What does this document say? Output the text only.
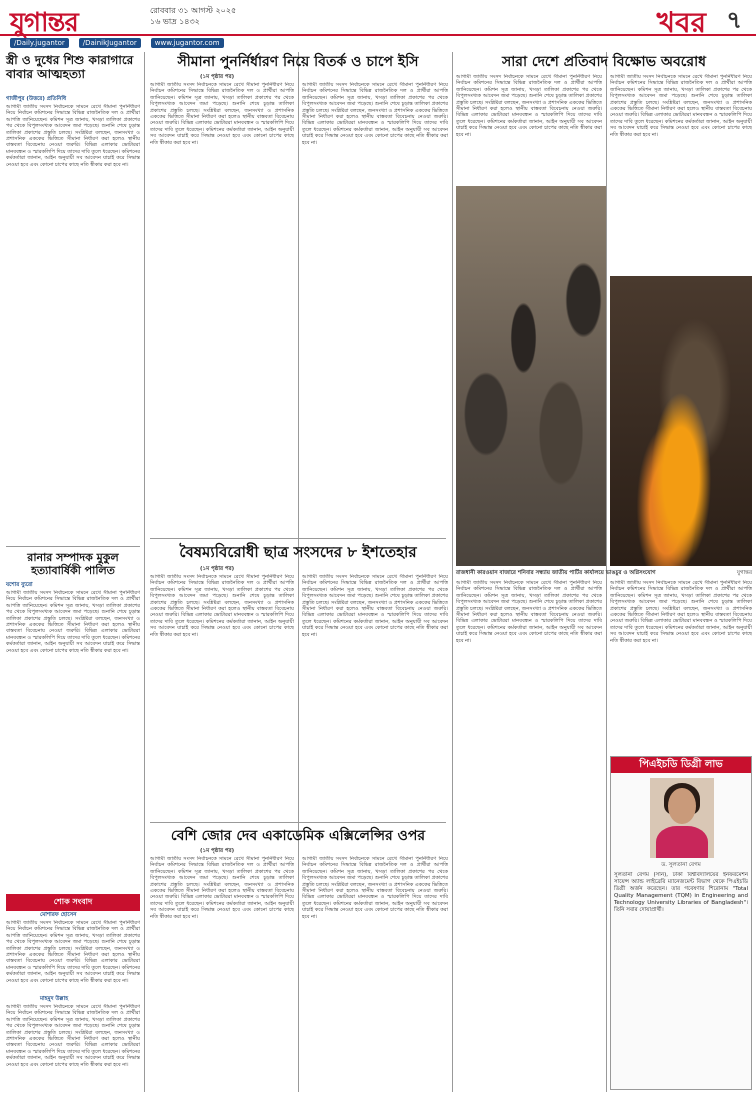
যুগান্তর	রোববার ৩১ আগস্ট ২০২৫
১৬ ভাদ্র ১৪৩২	খবর ৭
/Daily.jugantor	/DainikJugantor	www.jugantor.com
স্ত্রী ও দুধের শিশু কারাগারে বাবার আত্মহত্যা
গাজীপুর (উত্তরে) প্রতিনিধি
আগামী জাতীয় সংসদ নির্বাচনকে সামনে রেখে সীমানা পুনর্নির্ধারণ নিয়ে নির্বাচন কমিশনের সিদ্ধান্তে বিভিন্ন রাজনৈতিক দল ও প্রার্থীরা আপত্তি জানিয়েছেন। কমিশন সূত্র জানায়, খসড়া তালিকা প্রকাশের পর থেকে বিপুলসংখ্যক আবেদন জমা পড়েছে। শুনানি শেষে চূড়ান্ত তালিকা প্রকাশের প্রস্তুতি চলছে। সংশ্লিষ্টরা বলছেন, জনসংখ্যা ও প্রশাসনিক এককের ভিত্তিতে সীমানা নির্ধারণ করা হলেও স্থানীয় বাস্তবতা বিবেচনায় নেওয়া জরুরি। বিভিন্ন এলাকার ভোটাররা মানববন্ধন ও স্মারকলিপি দিয়ে তাদের দাবি তুলে ধরেছেন। কমিশনের কর্মকর্তারা জানান, আইন অনুযায়ী সব আবেদন যাচাই করে সিদ্ধান্ত নেওয়া হবে এবং কোনো চাপের কাছে নতি স্বীকার করা হবে না।
রানার সম্পাদক মুকুল হত্যাবার্ষিকী পালিত
যশোর ব্যুরো
আগামী জাতীয় সংসদ নির্বাচনকে সামনে রেখে সীমানা পুনর্নির্ধারণ নিয়ে নির্বাচন কমিশনের সিদ্ধান্তে বিভিন্ন রাজনৈতিক দল ও প্রার্থীরা আপত্তি জানিয়েছেন। কমিশন সূত্র জানায়, খসড়া তালিকা প্রকাশের পর থেকে বিপুলসংখ্যক আবেদন জমা পড়েছে। শুনানি শেষে চূড়ান্ত তালিকা প্রকাশের প্রস্তুতি চলছে। সংশ্লিষ্টরা বলছেন, জনসংখ্যা ও প্রশাসনিক এককের ভিত্তিতে সীমানা নির্ধারণ করা হলেও স্থানীয় বাস্তবতা বিবেচনায় নেওয়া জরুরি। বিভিন্ন এলাকার ভোটাররা মানববন্ধন ও স্মারকলিপি দিয়ে তাদের দাবি তুলে ধরেছেন। কমিশনের কর্মকর্তারা জানান, আইন অনুযায়ী সব আবেদন যাচাই করে সিদ্ধান্ত নেওয়া হবে এবং কোনো চাপের কাছে নতি স্বীকার করা হবে না।
শোক সংবাদ
মোশারফ হোসেন
আগামী জাতীয় সংসদ নির্বাচনকে সামনে রেখে সীমানা পুনর্নির্ধারণ নিয়ে নির্বাচন কমিশনের সিদ্ধান্তে বিভিন্ন রাজনৈতিক দল ও প্রার্থীরা আপত্তি জানিয়েছেন। কমিশন সূত্র জানায়, খসড়া তালিকা প্রকাশের পর থেকে বিপুলসংখ্যক আবেদন জমা পড়েছে। শুনানি শেষে চূড়ান্ত তালিকা প্রকাশের প্রস্তুতি চলছে। সংশ্লিষ্টরা বলছেন, জনসংখ্যা ও প্রশাসনিক এককের ভিত্তিতে সীমানা নির্ধারণ করা হলেও স্থানীয় বাস্তবতা বিবেচনায় নেওয়া জরুরি। বিভিন্ন এলাকার ভোটাররা মানববন্ধন ও স্মারকলিপি দিয়ে তাদের দাবি তুলে ধরেছেন। কমিশনের কর্মকর্তারা জানান, আইন অনুযায়ী সব আবেদন যাচাই করে সিদ্ধান্ত নেওয়া হবে এবং কোনো চাপের কাছে নতি স্বীকার করা হবে না।
মাহমুদ উল্লাহ
আগামী জাতীয় সংসদ নির্বাচনকে সামনে রেখে সীমানা পুনর্নির্ধারণ নিয়ে নির্বাচন কমিশনের সিদ্ধান্তে বিভিন্ন রাজনৈতিক দল ও প্রার্থীরা আপত্তি জানিয়েছেন। কমিশন সূত্র জানায়, খসড়া তালিকা প্রকাশের পর থেকে বিপুলসংখ্যক আবেদন জমা পড়েছে। শুনানি শেষে চূড়ান্ত তালিকা প্রকাশের প্রস্তুতি চলছে। সংশ্লিষ্টরা বলছেন, জনসংখ্যা ও প্রশাসনিক এককের ভিত্তিতে সীমানা নির্ধারণ করা হলেও স্থানীয় বাস্তবতা বিবেচনায় নেওয়া জরুরি। বিভিন্ন এলাকার ভোটাররা মানববন্ধন ও স্মারকলিপি দিয়ে তাদের দাবি তুলে ধরেছেন। কমিশনের কর্মকর্তারা জানান, আইন অনুযায়ী সব আবেদন যাচাই করে সিদ্ধান্ত নেওয়া হবে এবং কোনো চাপের কাছে নতি স্বীকার করা হবে না।
সীমানা পুনর্নির্ধারণ নিয়ে বিতর্ক ও চাপে ইসি
(১ম পৃষ্ঠার পর)
আগামী জাতীয় সংসদ নির্বাচনকে সামনে রেখে সীমানা পুনর্নির্ধারণ নিয়ে নির্বাচন কমিশনের সিদ্ধান্তে বিভিন্ন রাজনৈতিক দল ও প্রার্থীরা আপত্তি জানিয়েছেন। কমিশন সূত্র জানায়, খসড়া তালিকা প্রকাশের পর থেকে বিপুলসংখ্যক আবেদন জমা পড়েছে। শুনানি শেষে চূড়ান্ত তালিকা প্রকাশের প্রস্তুতি চলছে। সংশ্লিষ্টরা বলছেন, জনসংখ্যা ও প্রশাসনিক এককের ভিত্তিতে সীমানা নির্ধারণ করা হলেও স্থানীয় বাস্তবতা বিবেচনায় নেওয়া জরুরি। বিভিন্ন এলাকার ভোটাররা মানববন্ধন ও স্মারকলিপি দিয়ে তাদের দাবি তুলে ধরেছেন। কমিশনের কর্মকর্তারা জানান, আইন অনুযায়ী সব আবেদন যাচাই করে সিদ্ধান্ত নেওয়া হবে এবং কোনো চাপের কাছে নতি স্বীকার করা হবে না।
আগামী জাতীয় সংসদ নির্বাচনকে সামনে রেখে সীমানা পুনর্নির্ধারণ নিয়ে নির্বাচন কমিশনের সিদ্ধান্তে বিভিন্ন রাজনৈতিক দল ও প্রার্থীরা আপত্তি জানিয়েছেন। কমিশন সূত্র জানায়, খসড়া তালিকা প্রকাশের পর থেকে বিপুলসংখ্যক আবেদন জমা পড়েছে। শুনানি শেষে চূড়ান্ত তালিকা প্রকাশের প্রস্তুতি চলছে। সংশ্লিষ্টরা বলছেন, জনসংখ্যা ও প্রশাসনিক এককের ভিত্তিতে সীমানা নির্ধারণ করা হলেও স্থানীয় বাস্তবতা বিবেচনায় নেওয়া জরুরি। বিভিন্ন এলাকার ভোটাররা মানববন্ধন ও স্মারকলিপি দিয়ে তাদের দাবি তুলে ধরেছেন। কমিশনের কর্মকর্তারা জানান, আইন অনুযায়ী সব আবেদন যাচাই করে সিদ্ধান্ত নেওয়া হবে এবং কোনো চাপের কাছে নতি স্বীকার করা হবে না।
বৈষম্যবিরোধী ছাত্র সংসদের ৮ ইশতেহার
(১ম পৃষ্ঠার পর)
আগামী জাতীয় সংসদ নির্বাচনকে সামনে রেখে সীমানা পুনর্নির্ধারণ নিয়ে নির্বাচন কমিশনের সিদ্ধান্তে বিভিন্ন রাজনৈতিক দল ও প্রার্থীরা আপত্তি জানিয়েছেন। কমিশন সূত্র জানায়, খসড়া তালিকা প্রকাশের পর থেকে বিপুলসংখ্যক আবেদন জমা পড়েছে। শুনানি শেষে চূড়ান্ত তালিকা প্রকাশের প্রস্তুতি চলছে। সংশ্লিষ্টরা বলছেন, জনসংখ্যা ও প্রশাসনিক এককের ভিত্তিতে সীমানা নির্ধারণ করা হলেও স্থানীয় বাস্তবতা বিবেচনায় নেওয়া জরুরি। বিভিন্ন এলাকার ভোটাররা মানববন্ধন ও স্মারকলিপি দিয়ে তাদের দাবি তুলে ধরেছেন। কমিশনের কর্মকর্তারা জানান, আইন অনুযায়ী সব আবেদন যাচাই করে সিদ্ধান্ত নেওয়া হবে এবং কোনো চাপের কাছে নতি স্বীকার করা হবে না।
আগামী জাতীয় সংসদ নির্বাচনকে সামনে রেখে সীমানা পুনর্নির্ধারণ নিয়ে নির্বাচন কমিশনের সিদ্ধান্তে বিভিন্ন রাজনৈতিক দল ও প্রার্থীরা আপত্তি জানিয়েছেন। কমিশন সূত্র জানায়, খসড়া তালিকা প্রকাশের পর থেকে বিপুলসংখ্যক আবেদন জমা পড়েছে। শুনানি শেষে চূড়ান্ত তালিকা প্রকাশের প্রস্তুতি চলছে। সংশ্লিষ্টরা বলছেন, জনসংখ্যা ও প্রশাসনিক এককের ভিত্তিতে সীমানা নির্ধারণ করা হলেও স্থানীয় বাস্তবতা বিবেচনায় নেওয়া জরুরি। বিভিন্ন এলাকার ভোটাররা মানববন্ধন ও স্মারকলিপি দিয়ে তাদের দাবি তুলে ধরেছেন। কমিশনের কর্মকর্তারা জানান, আইন অনুযায়ী সব আবেদন যাচাই করে সিদ্ধান্ত নেওয়া হবে এবং কোনো চাপের কাছে নতি স্বীকার করা হবে না।
বেশি জোর দেব একাডেমিক এক্সিলেন্সির ওপর
(১ম পৃষ্ঠার পর)
আগামী জাতীয় সংসদ নির্বাচনকে সামনে রেখে সীমানা পুনর্নির্ধারণ নিয়ে নির্বাচন কমিশনের সিদ্ধান্তে বিভিন্ন রাজনৈতিক দল ও প্রার্থীরা আপত্তি জানিয়েছেন। কমিশন সূত্র জানায়, খসড়া তালিকা প্রকাশের পর থেকে বিপুলসংখ্যক আবেদন জমা পড়েছে। শুনানি শেষে চূড়ান্ত তালিকা প্রকাশের প্রস্তুতি চলছে। সংশ্লিষ্টরা বলছেন, জনসংখ্যা ও প্রশাসনিক এককের ভিত্তিতে সীমানা নির্ধারণ করা হলেও স্থানীয় বাস্তবতা বিবেচনায় নেওয়া জরুরি। বিভিন্ন এলাকার ভোটাররা মানববন্ধন ও স্মারকলিপি দিয়ে তাদের দাবি তুলে ধরেছেন। কমিশনের কর্মকর্তারা জানান, আইন অনুযায়ী সব আবেদন যাচাই করে সিদ্ধান্ত নেওয়া হবে এবং কোনো চাপের কাছে নতি স্বীকার করা হবে না।
আগামী জাতীয় সংসদ নির্বাচনকে সামনে রেখে সীমানা পুনর্নির্ধারণ নিয়ে নির্বাচন কমিশনের সিদ্ধান্তে বিভিন্ন রাজনৈতিক দল ও প্রার্থীরা আপত্তি জানিয়েছেন। কমিশন সূত্র জানায়, খসড়া তালিকা প্রকাশের পর থেকে বিপুলসংখ্যক আবেদন জমা পড়েছে। শুনানি শেষে চূড়ান্ত তালিকা প্রকাশের প্রস্তুতি চলছে। সংশ্লিষ্টরা বলছেন, জনসংখ্যা ও প্রশাসনিক এককের ভিত্তিতে সীমানা নির্ধারণ করা হলেও স্থানীয় বাস্তবতা বিবেচনায় নেওয়া জরুরি। বিভিন্ন এলাকার ভোটাররা মানববন্ধন ও স্মারকলিপি দিয়ে তাদের দাবি তুলে ধরেছেন। কমিশনের কর্মকর্তারা জানান, আইন অনুযায়ী সব আবেদন যাচাই করে সিদ্ধান্ত নেওয়া হবে এবং কোনো চাপের কাছে নতি স্বীকার করা হবে না।
সারা দেশে প্রতিবাদ বিক্ষোভ অবরোধ
আগামী জাতীয় সংসদ নির্বাচনকে সামনে রেখে সীমানা পুনর্নির্ধারণ নিয়ে নির্বাচন কমিশনের সিদ্ধান্তে বিভিন্ন রাজনৈতিক দল ও প্রার্থীরা আপত্তি জানিয়েছেন। কমিশন সূত্র জানায়, খসড়া তালিকা প্রকাশের পর থেকে বিপুলসংখ্যক আবেদন জমা পড়েছে। শুনানি শেষে চূড়ান্ত তালিকা প্রকাশের প্রস্তুতি চলছে। সংশ্লিষ্টরা বলছেন, জনসংখ্যা ও প্রশাসনিক এককের ভিত্তিতে সীমানা নির্ধারণ করা হলেও স্থানীয় বাস্তবতা বিবেচনায় নেওয়া জরুরি। বিভিন্ন এলাকার ভোটাররা মানববন্ধন ও স্মারকলিপি দিয়ে তাদের দাবি তুলে ধরেছেন। কমিশনের কর্মকর্তারা জানান, আইন অনুযায়ী সব আবেদন যাচাই করে সিদ্ধান্ত নেওয়া হবে এবং কোনো চাপের কাছে নতি স্বীকার করা হবে না।
আগামী জাতীয় সংসদ নির্বাচনকে সামনে রেখে সীমানা পুনর্নির্ধারণ নিয়ে নির্বাচন কমিশনের সিদ্ধান্তে বিভিন্ন রাজনৈতিক দল ও প্রার্থীরা আপত্তি জানিয়েছেন। কমিশন সূত্র জানায়, খসড়া তালিকা প্রকাশের পর থেকে বিপুলসংখ্যক আবেদন জমা পড়েছে। শুনানি শেষে চূড়ান্ত তালিকা প্রকাশের প্রস্তুতি চলছে। সংশ্লিষ্টরা বলছেন, জনসংখ্যা ও প্রশাসনিক এককের ভিত্তিতে সীমানা নির্ধারণ করা হলেও স্থানীয় বাস্তবতা বিবেচনায় নেওয়া জরুরি। বিভিন্ন এলাকার ভোটাররা মানববন্ধন ও স্মারকলিপি দিয়ে তাদের দাবি তুলে ধরেছেন। কমিশনের কর্মকর্তারা জানান, আইন অনুযায়ী সব আবেদন যাচাই করে সিদ্ধান্ত নেওয়া হবে এবং কোনো চাপের কাছে নতি স্বীকার করা হবে না।
রাজধানী কারওয়ান বাজারে শনিবার সন্ধ্যায় জাতীয় পার্টির কার্যালয়ে ভাঙচুর ও অগ্নিসংযোগ	যুগান্তর
আগামী জাতীয় সংসদ নির্বাচনকে সামনে রেখে সীমানা পুনর্নির্ধারণ নিয়ে নির্বাচন কমিশনের সিদ্ধান্তে বিভিন্ন রাজনৈতিক দল ও প্রার্থীরা আপত্তি জানিয়েছেন। কমিশন সূত্র জানায়, খসড়া তালিকা প্রকাশের পর থেকে বিপুলসংখ্যক আবেদন জমা পড়েছে। শুনানি শেষে চূড়ান্ত তালিকা প্রকাশের প্রস্তুতি চলছে। সংশ্লিষ্টরা বলছেন, জনসংখ্যা ও প্রশাসনিক এককের ভিত্তিতে সীমানা নির্ধারণ করা হলেও স্থানীয় বাস্তবতা বিবেচনায় নেওয়া জরুরি। বিভিন্ন এলাকার ভোটাররা মানববন্ধন ও স্মারকলিপি দিয়ে তাদের দাবি তুলে ধরেছেন। কমিশনের কর্মকর্তারা জানান, আইন অনুযায়ী সব আবেদন যাচাই করে সিদ্ধান্ত নেওয়া হবে এবং কোনো চাপের কাছে নতি স্বীকার করা হবে না।
আগামী জাতীয় সংসদ নির্বাচনকে সামনে রেখে সীমানা পুনর্নির্ধারণ নিয়ে নির্বাচন কমিশনের সিদ্ধান্তে বিভিন্ন রাজনৈতিক দল ও প্রার্থীরা আপত্তি জানিয়েছেন। কমিশন সূত্র জানায়, খসড়া তালিকা প্রকাশের পর থেকে বিপুলসংখ্যক আবেদন জমা পড়েছে। শুনানি শেষে চূড়ান্ত তালিকা প্রকাশের প্রস্তুতি চলছে। সংশ্লিষ্টরা বলছেন, জনসংখ্যা ও প্রশাসনিক এককের ভিত্তিতে সীমানা নির্ধারণ করা হলেও স্থানীয় বাস্তবতা বিবেচনায় নেওয়া জরুরি। বিভিন্ন এলাকার ভোটাররা মানববন্ধন ও স্মারকলিপি দিয়ে তাদের দাবি তুলে ধরেছেন। কমিশনের কর্মকর্তারা জানান, আইন অনুযায়ী সব আবেদন যাচাই করে সিদ্ধান্ত নেওয়া হবে এবং কোনো চাপের কাছে নতি স্বীকার করা হবে না।
পিএইচডি ডিগ্রী লাভ
ড. সুলতানা বেগম
সুলতানা বেগম (সনি), ঢাকা বিশ্ববিদ্যালয়ের ইনফরমেশন সায়েন্স অ্যান্ড লাইব্রেরি ম্যানেজমেন্ট বিভাগ থেকে পিএইচডি ডিগ্রী অর্জন করেছেন। তার গবেষণার শিরোনাম "Total Quality Management (TQM) in Engineering and Technology University Libraries of Bangladesh"। তিনি সবার দোয়াপ্রার্থী।
